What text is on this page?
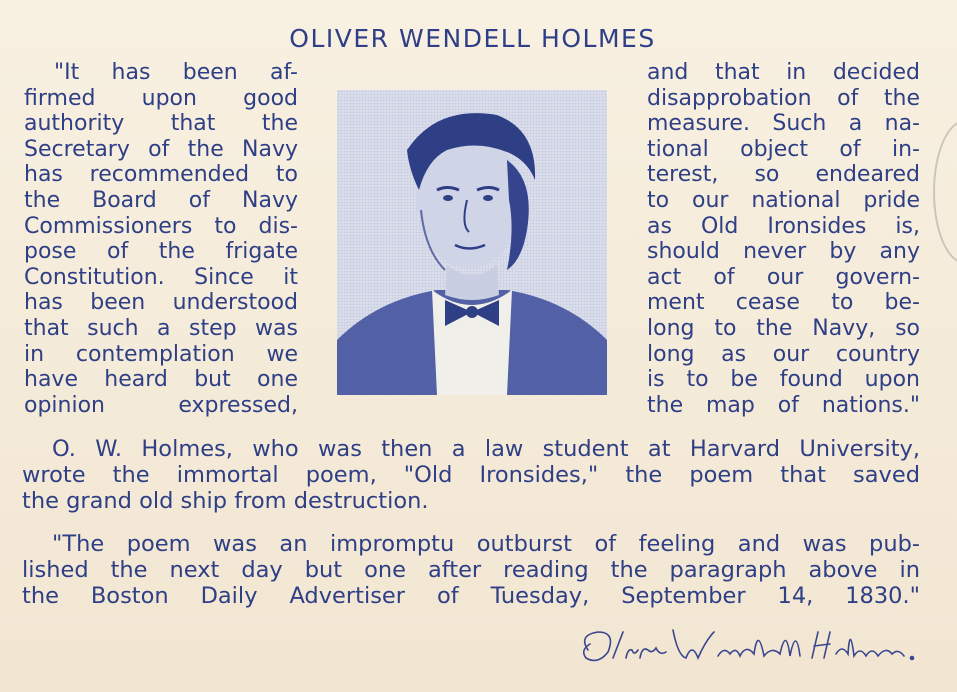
OLIVER WENDELL HOLMES
"It has been af-
firmed upon good
authority that the
Secretary of the Navy
has recommended to
the Board of Navy
Commissioners to dis-
pose of the frigate
Constitution. Since it
has been understood
that such a step was
in contemplation we
have heard but one
opinion expressed,
and that in decided
disapprobation of the
measure. Such a na-
tional object of in-
terest, so endeared
to our national pride
as Old Ironsides is,
should never by any
act of our govern-
ment cease to be-
long to the Navy, so
long as our country
is to be found upon
the map of nations."
O. W. Holmes, who was then a law student at Harvard University,
wrote the immortal poem, "Old Ironsides," the poem that saved
the grand old ship from destruction.
"The poem was an impromptu outburst of feeling and was pub-
lished the next day but one after reading the paragraph above in
the Boston Daily Advertiser of Tuesday, September 14, 1830."
